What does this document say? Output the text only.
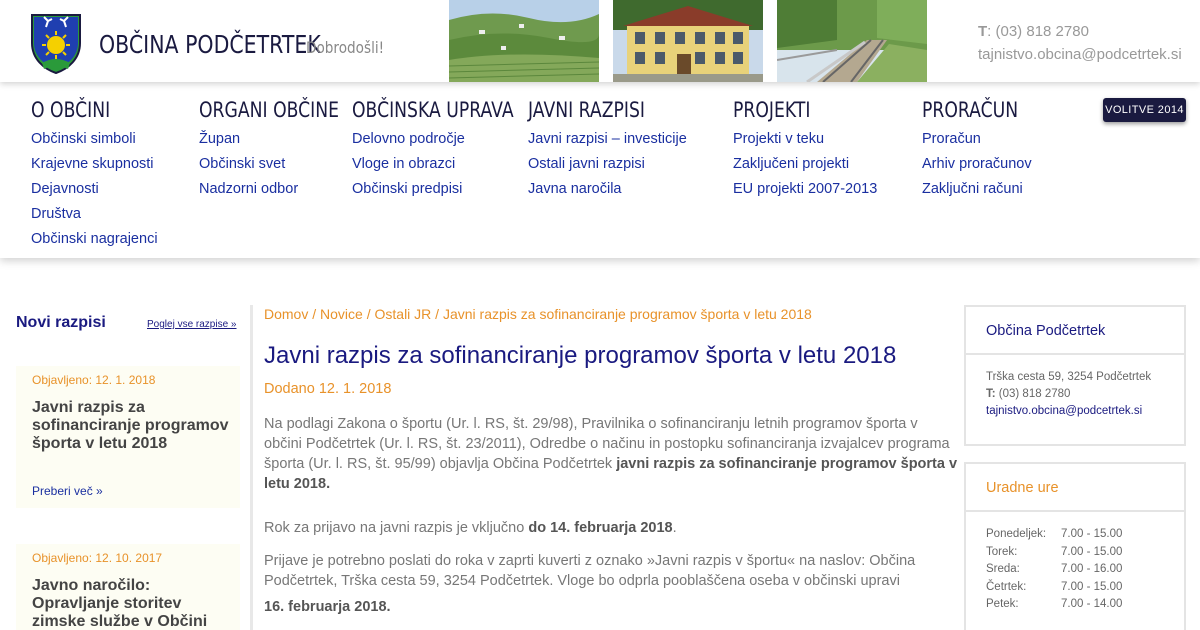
OBČINA PODČETRTEK
Dobrodošli!
T: (03) 818 2780
tajnistvo.obcina@podcetrtek.si
O OBČINI
Občinski simboli
Krajevne skupnosti
Dejavnosti
Društva
Občinski nagrajenci
ORGANI OBČINE
Župan
Občinski svet
Nadzorni odbor
OBČINSKA UPRAVA
Delovno področje
Vloge in obrazci
Občinski predpisi
JAVNI RAZPISI
Javni razpisi – investicije
Ostali javni razpisi
Javna naročila
PROJEKTI
Projekti v teku
Zaključeni projekti
EU projekti 2007-2013
PRORAČUN
Proračun
Arhiv proračunov
Zaključni računi
VOLITVE 2014
Novi razpisi	Poglej vse razpise »
Objavljeno: 12. 1. 2018
Javni razpis za sofinanciranje programov športa v letu 2018
Preberi več »
Objavljeno: 12. 10. 2017
Javno naročilo: Opravljanje storitev zimske službe v Občini
Domov / Novice / Ostali JR / Javni razpis za sofinanciranje programov športa v letu 2018
Javni razpis za sofinanciranje programov športa v letu 2018
Dodano 12. 1. 2018
Na podlagi Zakona o športu (Ur. l. RS, št. 29/98), Pravilnika o sofinanciranju letnih programov športa v
občini Podčetrtek (Ur. l. RS, št. 23/2011), Odredbe o načinu in postopku sofinanciranja izvajalcev programa
športa (Ur. l. RS, št. 95/99) objavlja Občina Podčetrtek javni razpis za sofinanciranje programov športa v
letu 2018.
Rok za prijavo na javni razpis je vključno do 14. februarja 2018.
Prijave je potrebno poslati do roka v zaprti kuverti z oznako »Javni razpis v športu« na naslov: Občina
Podčetrtek, Trška cesta 59, 3254 Podčetrtek. Vloge bo odprla pooblaščena oseba v občinski upravi
16. februarja 2018.
Občina Podčetrtek
Trška cesta 59, 3254 Podčetrtek
T: (03) 818 2780
tajnistvo.obcina@podcetrtek.si
Uradne ure
Ponedeljek:	7.00 - 15.00
Torek:	7.00 - 15.00
Sreda:	7.00 - 16.00
Četrtek:	7.00 - 15.00
Petek:	7.00 - 14.00
